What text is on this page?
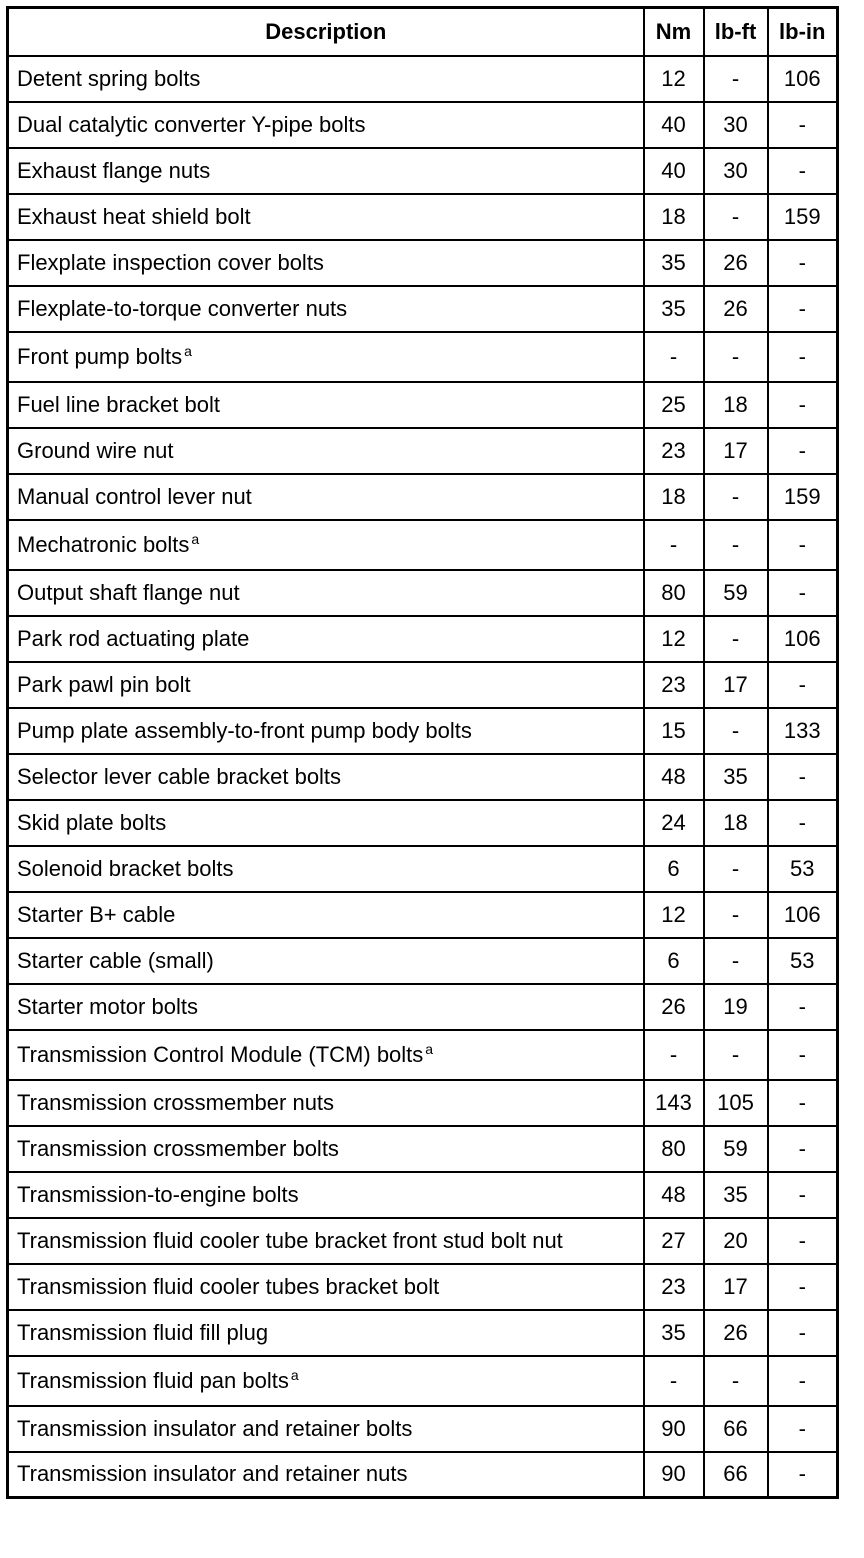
Description	Nm	lb-ft	lb-in
Detent spring bolts	12	-	106
Dual catalytic converter Y-pipe bolts	40	30	-
Exhaust flange nuts	40	30	-
Exhaust heat shield bolt	18	-	159
Flexplate inspection cover bolts	35	26	-
Flexplate-to-torque converter nuts	35	26	-
Front pump bolts $^a$	-	-	-
Fuel line bracket bolt	25	18	-
Ground wire nut	23	17	-
Manual control lever nut	18	-	159
Mechatronic bolts $^a$	-	-	-
Output shaft flange nut	80	59	-
Park rod actuating plate	12	-	106
Park pawl pin bolt	23	17	-
Pump plate assembly-to-front pump body bolts	15	-	133
Selector lever cable bracket bolts	48	35	-
Skid plate bolts	24	18	-
Solenoid bracket bolts	6	-	53
Starter B+ cable	12	-	106
Starter cable (small)	6	-	53
Starter motor bolts	26	19	-
Transmission Control Module (TCM) bolts $^a$	-	-	-
Transmission crossmember nuts	143	105	-
Transmission crossmember bolts	80	59	-
Transmission-to-engine bolts	48	35	-
Transmission fluid cooler tube bracket front stud bolt nut	27	20	-
Transmission fluid cooler tubes bracket bolt	23	17	-
Transmission fluid fill plug	35	26	-
Transmission fluid pan bolts $^a$	-	-	-
Transmission insulator and retainer bolts	90	66	-
Transmission insulator and retainer nuts	90	66	-
